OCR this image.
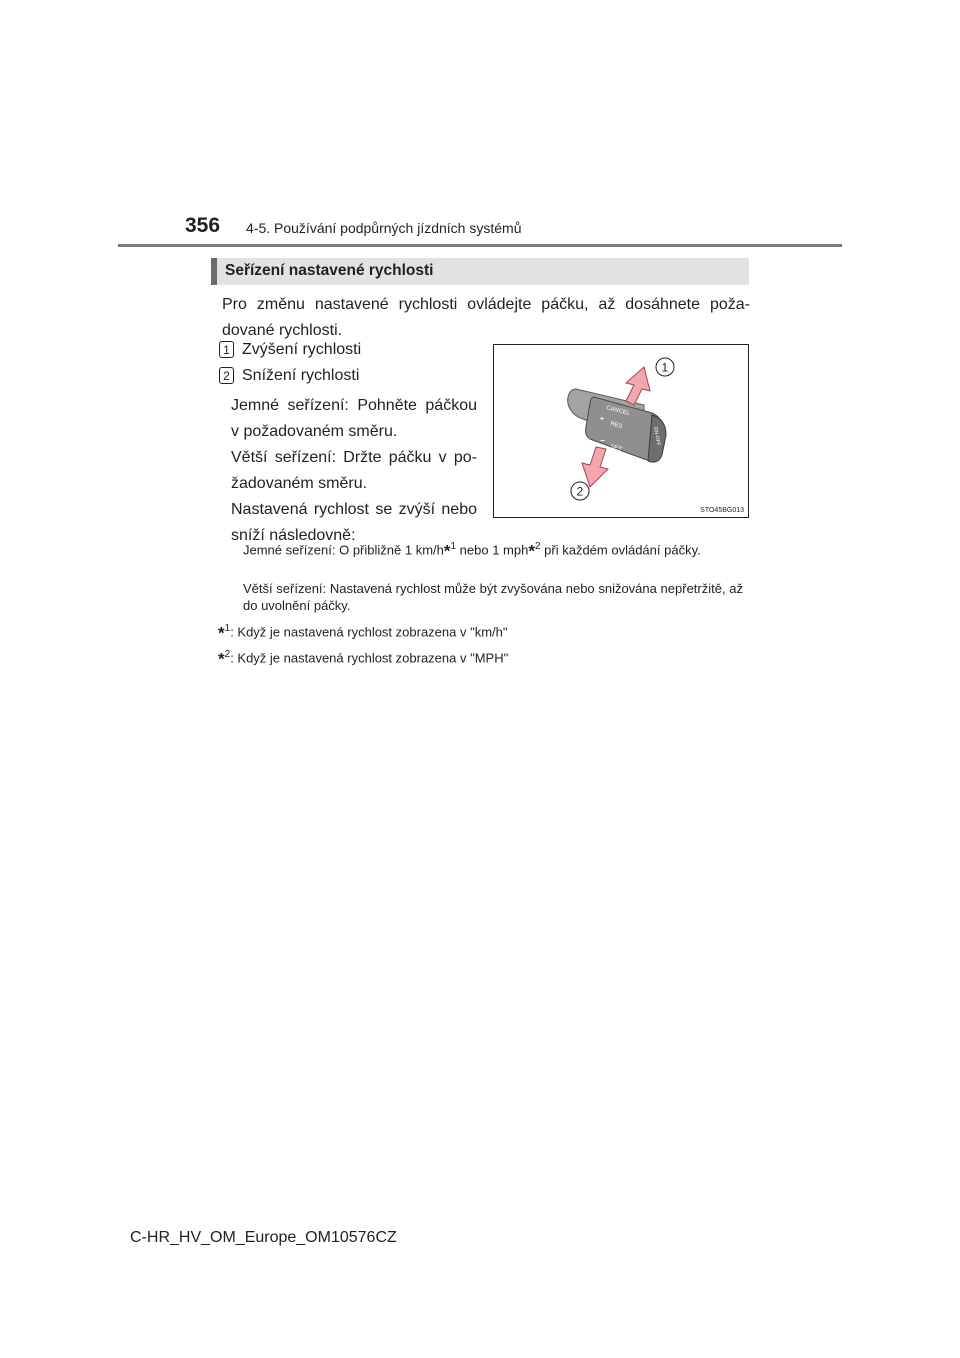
356 4-5. Používání podpůrných jízdních systémů
Seřízení nastavené rychlosti
Pro změnu nastavené rychlosti ovládejte páčku, až dosáhnete poža-dované rychlosti.
1 Zvýšení rychlosti
2 Snížení rychlosti
Jemné seřízení: Pohněte páčkou v požadovaném směru.
Větší seřízení: Držte páčku v po-žadovaném směru.
Nastavená rychlost se zvýší nebo sníží následovně:
CANCEL
+
RES
−
SET
ON·OFF
1
2
STO45BG013
Jemné seřízení: O přibližně 1 km/h*$^1$ nebo 1 mph*$^2$ při každém ovládání páčky.
Větší seřízení: Nastavená rychlost může být zvyšována nebo snižována nepřetržitě, až do uvolnění páčky.
*$^1$: Když je nastavená rychlost zobrazena v "km/h"
*$^2$: Když je nastavená rychlost zobrazena v "MPH"
C-HR_HV_OM_Europe_OM10576CZ
